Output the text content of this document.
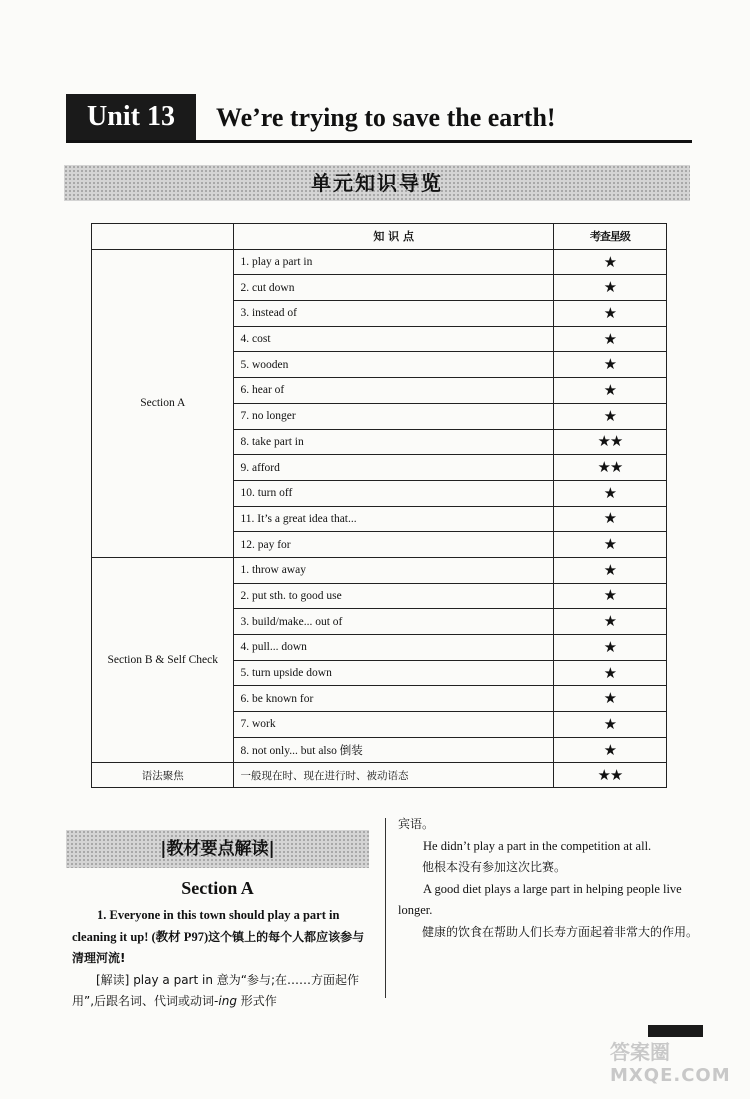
Unit 13	We’re trying to save the earth!
单元知识导览
	知 识 点	考查星级
Section A	1. play a part in	★
	2. cut down	★
	3. instead of	★
	4. cost	★
	5. wooden	★
	6. hear of	★
	7. no longer	★
	8. take part in	★★
	9. afford	★★
	10. turn off	★
	11. It’s a great idea that...	★
	12. pay for	★
Section B & Self Check	1. throw away	★
	2. put sth. to good use	★
	3. build/make... out of	★
	4. pull... down	★
	5. turn upside down	★
	6. be known for	★
	7. work	★
	8. not only... but also 倒装	★
语法聚焦	一般现在时、现在进行时、被动语态	★★
|教材要点解读|
Section A

1. Everyone in this town should play a part in cleaning it up! (教材 P97)这个镇上的每个人都应该参与清理河流!

[解读] play a part in 意为“参与;在……方面起作用”,后跟名词、代词或动词-ing 形式作

宾语。

He didn’t play a part in the competition at all.

他根本没有参加这次比赛。

A good diet plays a large part in helping people live longer.

健康的饮食在帮助人们长寿方面起着非常大的作用。

答案圈
MXQE.COM
